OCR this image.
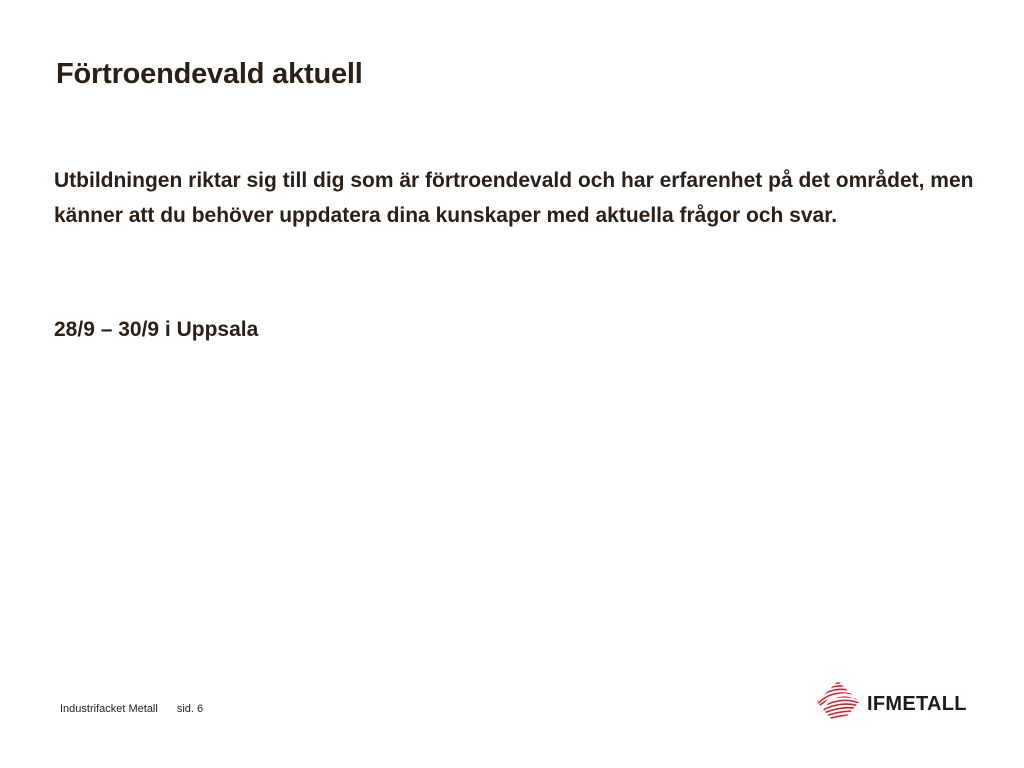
Förtroendevald aktuell

Utbildningen riktar sig till dig som är förtroendevald och har erfarenhet på det området, men känner att du behöver uppdatera dina kunskaper med aktuella frågor och svar.

28/9 – 30/9 i Uppsala

Industrifacket Metall sid. 6	IFMETALL
